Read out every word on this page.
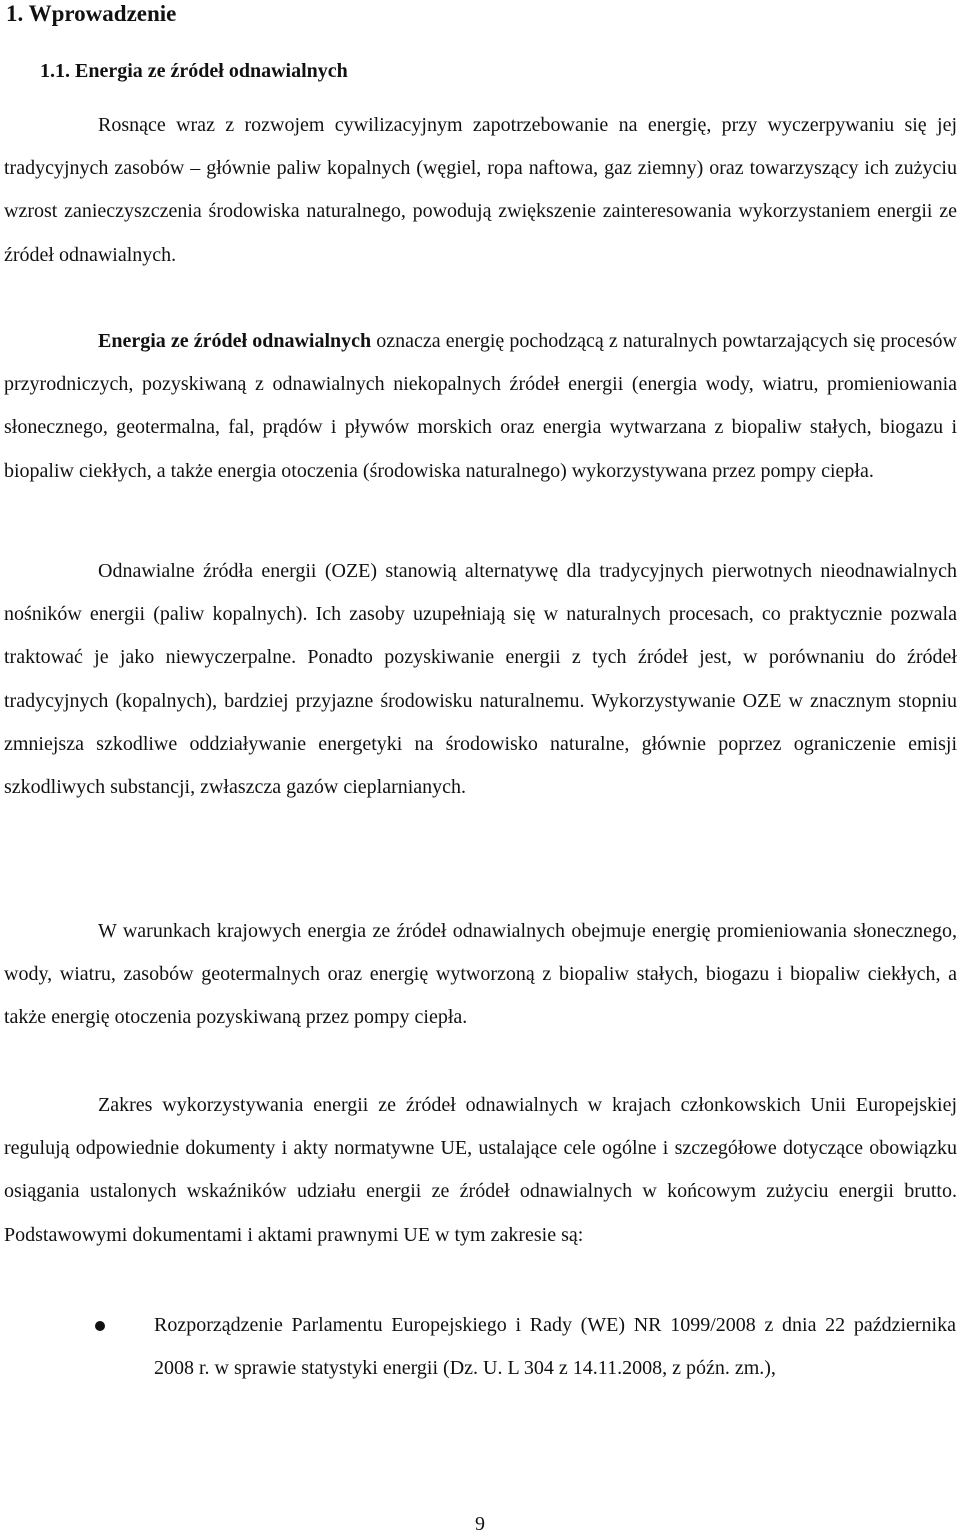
1. Wprowadzenie
1.1. Energia ze źródeł odnawialnych

Rosnące wraz z rozwojem cywilizacyjnym zapotrzebowanie na energię, przy wyczerpywaniu się jej tradycyjnych zasobów – głównie paliw kopalnych (węgiel, ropa naftowa, gaz ziemny) oraz towarzyszący ich zużyciu wzrost zanieczyszczenia środowiska naturalnego, powodują zwiększenie zainteresowania wykorzystaniem energii ze źródeł odnawialnych.

Energia ze źródeł odnawialnych oznacza energię pochodzącą z naturalnych powtarzających się procesów przyrodniczych, pozyskiwaną z odnawialnych niekopalnych źródeł energii (energia wody, wiatru, promieniowania słonecznego, geotermalna, fal, prądów i pływów morskich oraz energia wytwarzana z biopaliw stałych, biogazu i biopaliw ciekłych, a także energia otoczenia (środowiska naturalnego) wykorzystywana przez pompy ciepła.

Odnawialne źródła energii (OZE) stanowią alternatywę dla tradycyjnych pierwotnych nieodnawialnych nośników energii (paliw kopalnych). Ich zasoby uzupełniają się w naturalnych procesach, co praktycznie pozwala traktować je jako niewyczerpalne. Ponadto pozyskiwanie energii z tych źródeł jest, w porównaniu do źródeł tradycyjnych (kopalnych), bardziej przyjazne środowisku naturalnemu. Wykorzystywanie OZE w znacznym stopniu zmniejsza szkodliwe oddziaływanie energetyki na środowisko naturalne, głównie poprzez ograniczenie emisji szkodliwych substancji, zwłaszcza gazów cieplarnianych.

W warunkach krajowych energia ze źródeł odnawialnych obejmuje energię promieniowania słonecznego, wody, wiatru, zasobów geotermalnych oraz energię wytworzoną z biopaliw stałych, biogazu i biopaliw ciekłych, a także energię otoczenia pozyskiwaną przez pompy ciepła.

Zakres wykorzystywania energii ze źródeł odnawialnych w krajach członkowskich Unii Europejskiej regulują odpowiednie dokumenty i akty normatywne UE, ustalające cele ogólne i szczegółowe dotyczące obowiązku osiągania ustalonych wskaźników udziału energii ze źródeł odnawialnych w końcowym zużyciu energii brutto. Podstawowymi dokumentami i aktami prawnymi UE w tym zakresie są:

Rozporządzenie Parlamentu Europejskiego i Rady (WE) NR 1099/2008 z dnia 22 października 2008 r. w sprawie statystyki energii (Dz. U. L 304 z 14.11.2008, z późn. zm.),
9
